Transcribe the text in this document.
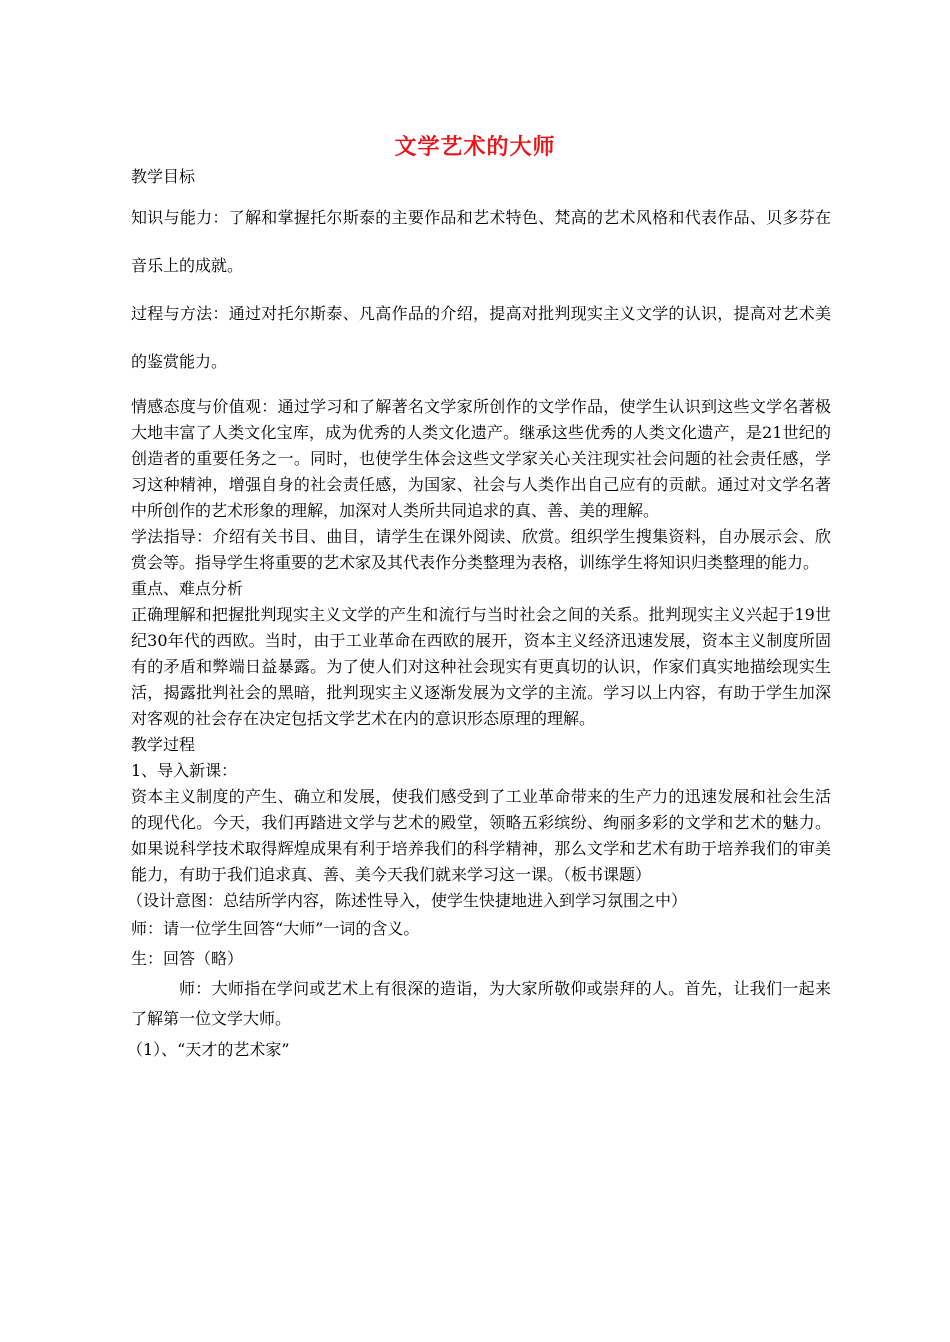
文学艺术的大师

教学目标

知识与能力：了解和掌握托尔斯泰的主要作品和艺术特色、梵高的艺术风格和代表作品、贝多芬在音乐上的成就。

过程与方法：通过对托尔斯泰、凡高作品的介绍，提高对批判现实主义文学的认识，提高对艺术美的鉴赏能力。

情感态度与价值观：通过学习和了解著名文学家所创作的文学作品，使学生认识到这些文学名著极大地丰富了人类文化宝库，成为优秀的人类文化遗产。继承这些优秀的人类文化遗产，是21世纪的创造者的重要任务之一。同时，也使学生体会这些文学家关心关注现实社会问题的社会责任感，学习这种精神，增强自身的社会责任感，为国家、社会与人类作出自己应有的贡献。通过对文学名著中所创作的艺术形象的理解，加深对人类所共同追求的真、善、美的理解。

学法指导：介绍有关书目、曲目，请学生在课外阅读、欣赏。组织学生搜集资料，自办展示会、欣赏会等。指导学生将重要的艺术家及其代表作分类整理为表格，训练学生将知识归类整理的能力。

重点、难点分析

正确理解和把握批判现实主义文学的产生和流行与当时社会之间的关系。批判现实主义兴起于19世纪30年代的西欧。当时，由于工业革命在西欧的展开，资本主义经济迅速发展，资本主义制度所固有的矛盾和弊端日益暴露。为了使人们对这种社会现实有更真切的认识，作家们真实地描绘现实生活，揭露批判社会的黑暗，批判现实主义逐渐发展为文学的主流。学习以上内容，有助于学生加深对客观的社会存在决定包括文学艺术在内的意识形态原理的理解。

教学过程

1、导入新课：

资本主义制度的产生、确立和发展，使我们感受到了工业革命带来的生产力的迅速发展和社会生活的现代化。今天，我们再踏进文学与艺术的殿堂，领略五彩缤纷、绚丽多彩的文学和艺术的魅力。如果说科学技术取得辉煌成果有利于培养我们的科学精神，那么文学和艺术有助于培养我们的审美能力，有助于我们追求真、善、美今天我们就来学习这一课。（板书课题）

（设计意图：总结所学内容，陈述性导入，使学生快捷地进入到学习氛围之中）

师：请一位学生回答“大师”一词的含义。

生：回答（略）

师：大师指在学问或艺术上有很深的造诣，为大家所敬仰或崇拜的人。首先，让我们一起来了解第一位文学大师。

（1）、“天才的艺术家”
